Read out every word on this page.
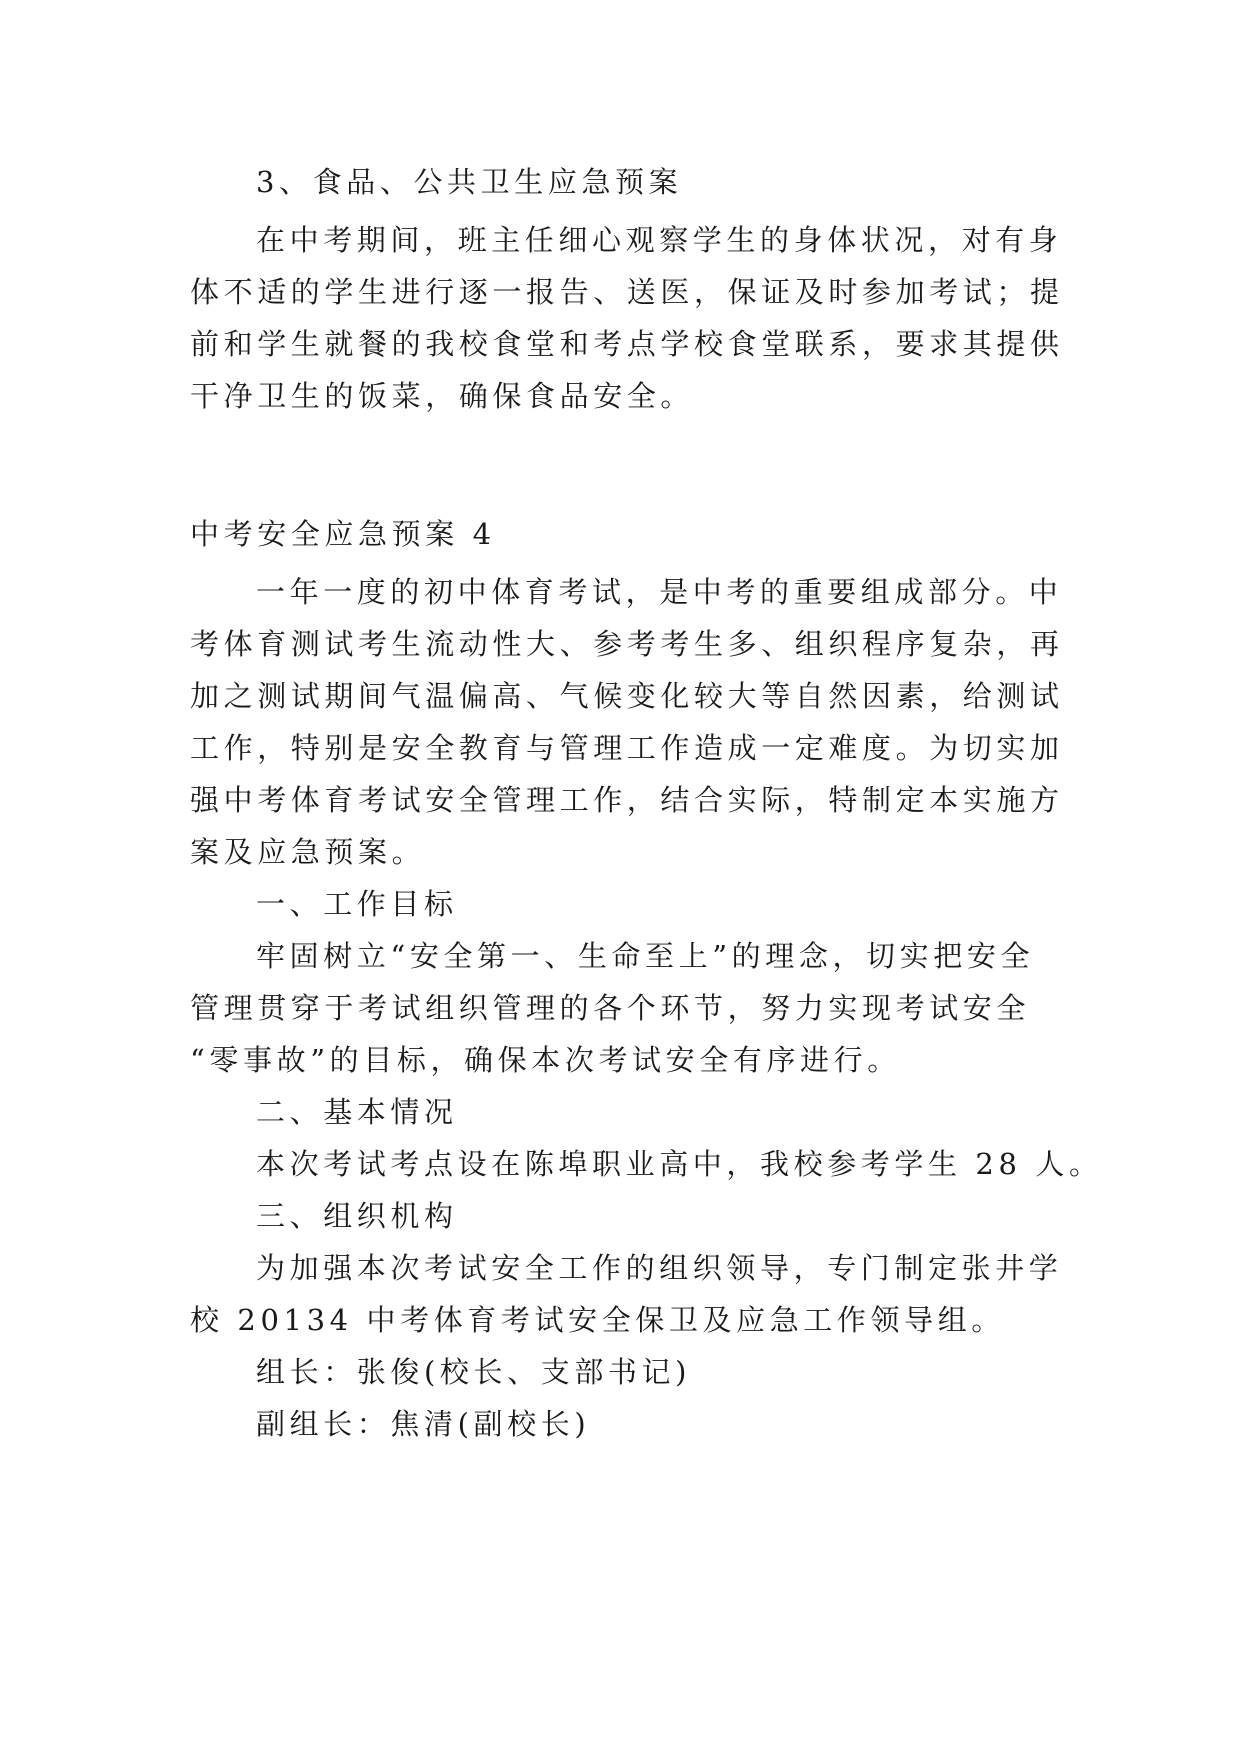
3、食品、公共卫生应急预案
在中考期间，班主任细心观察学生的身体状况，对有身
体不适的学生进行逐一报告、送医，保证及时参加考试；提
前和学生就餐的我校食堂和考点学校食堂联系，要求其提供
干净卫生的饭菜，确保食品安全。
中考安全应急预案 4
一年一度的初中体育考试，是中考的重要组成部分。中
考体育测试考生流动性大、参考考生多、组织程序复杂，再
加之测试期间气温偏高、气候变化较大等自然因素，给测试
工作，特别是安全教育与管理工作造成一定难度。为切实加
强中考体育考试安全管理工作，结合实际，特制定本实施方
案及应急预案。
一、工作目标
牢固树立“安全第一、生命至上”的理念，切实把安全
管理贯穿于考试组织管理的各个环节，努力实现考试安全
“零事故”的目标，确保本次考试安全有序进行。
二、基本情况
本次考试考点设在陈埠职业高中，我校参考学生 28 人。
三、组织机构
为加强本次考试安全工作的组织领导，专门制定张井学
校 20134 中考体育考试安全保卫及应急工作领导组。
组长：张俊(校长、支部书记)
副组长：焦清(副校长)
